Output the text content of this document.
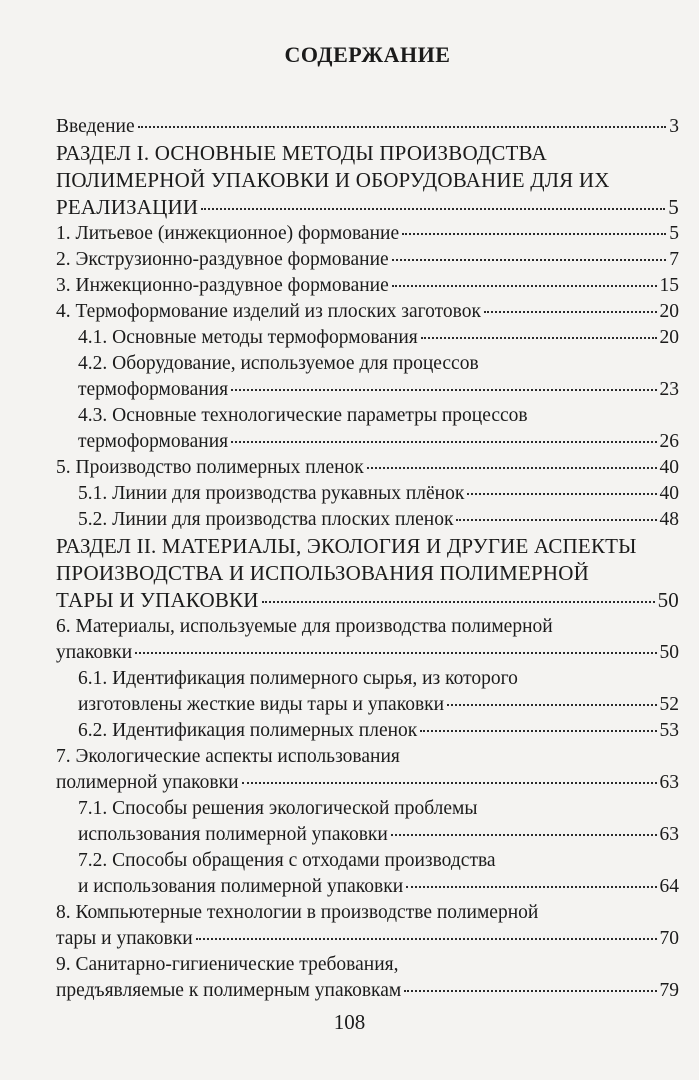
СОДЕРЖАНИЕ
Введение	3
РАЗДЕЛ I. ОСНОВНЫЕ МЕТОДЫ ПРОИЗВОДСТВА
ПОЛИМЕРНОЙ УПАКОВКИ И ОБОРУДОВАНИЕ ДЛЯ ИХ
РЕАЛИЗАЦИИ	5
1. Литьевое (инжекционное) формование	5
2. Экструзионно-раздувное формование	7
3. Инжекционно-раздувное формование	15
4. Термоформование изделий из плоских заготовок	20
4.1. Основные методы термоформования	20
4.2. Оборудование, используемое для процессов
термоформования	23
4.3. Основные технологические параметры процессов
термоформования	26
5. Производство полимерных пленок	40
5.1. Линии для производства рукавных плёнок	40
5.2. Линии для производства плоских пленок	48
РАЗДЕЛ II. МАТЕРИАЛЫ, ЭКОЛОГИЯ И ДРУГИЕ АСПЕКТЫ
ПРОИЗВОДСТВА И ИСПОЛЬЗОВАНИЯ ПОЛИМЕРНОЙ
ТАРЫ И УПАКОВКИ	50
6. Материалы, используемые для производства полимерной
упаковки	50
6.1. Идентификация полимерного сырья, из которого
изготовлены жесткие виды тары и упаковки	52
6.2. Идентификация полимерных пленок	53
7. Экологические аспекты использования
полимерной упаковки	63
7.1. Способы решения экологической проблемы
использования полимерной упаковки	63
7.2. Способы обращения с отходами производства
и использования полимерной упаковки	64
8. Компьютерные технологии в производстве полимерной
тары и упаковки	70
9. Санитарно-гигиенические требования,
предъявляемые к полимерным упаковкам	79
108
